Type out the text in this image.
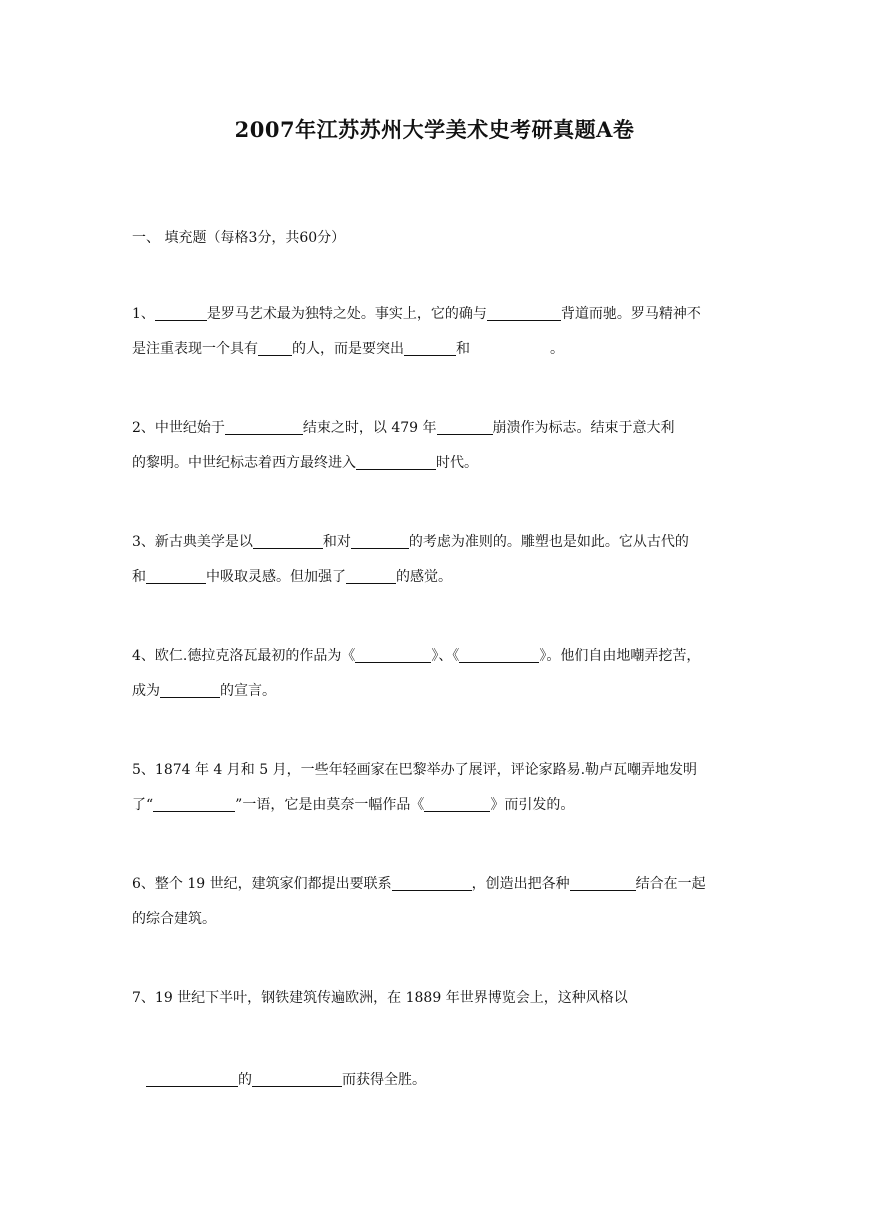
2007年江苏苏州大学美术史考研真题A卷
一、 填充题（每格3分，共60分）
1、	是罗马艺术最为独特之处。事实上，它的确与	背道而驰。罗马精神不
是注重表现一个具有 的人，而是要突出	和	。
2、中世纪始于	结束之时，以 479 年	崩溃作为标志。结束于意大利
的黎明。中世纪标志着西方最终进入	时代。
3、新古典美学是以	和对	的考虑为准则的。雕塑也是如此。它从古代的
和	中吸取灵感。但加强了	的感觉。
4、欧仁.德拉克洛瓦最初的作品为《	》、《	》。他们自由地嘲弄挖苦，
成为	的宣言。
5、1874 年 4 月和 5 月，一些年轻画家在巴黎举办了展评，评论家路易.勒卢瓦嘲弄地发明
了“	”一语，它是由莫奈一幅作品《	》而引发的。
6、整个 19 世纪，建筑家们都提出要联系	，创造出把各种	结合在一起
的综合建筑。
7、19 世纪下半叶，钢铁建筑传遍欧洲，在 1889 年世界博览会上，这种风格以
的	而获得全胜。
